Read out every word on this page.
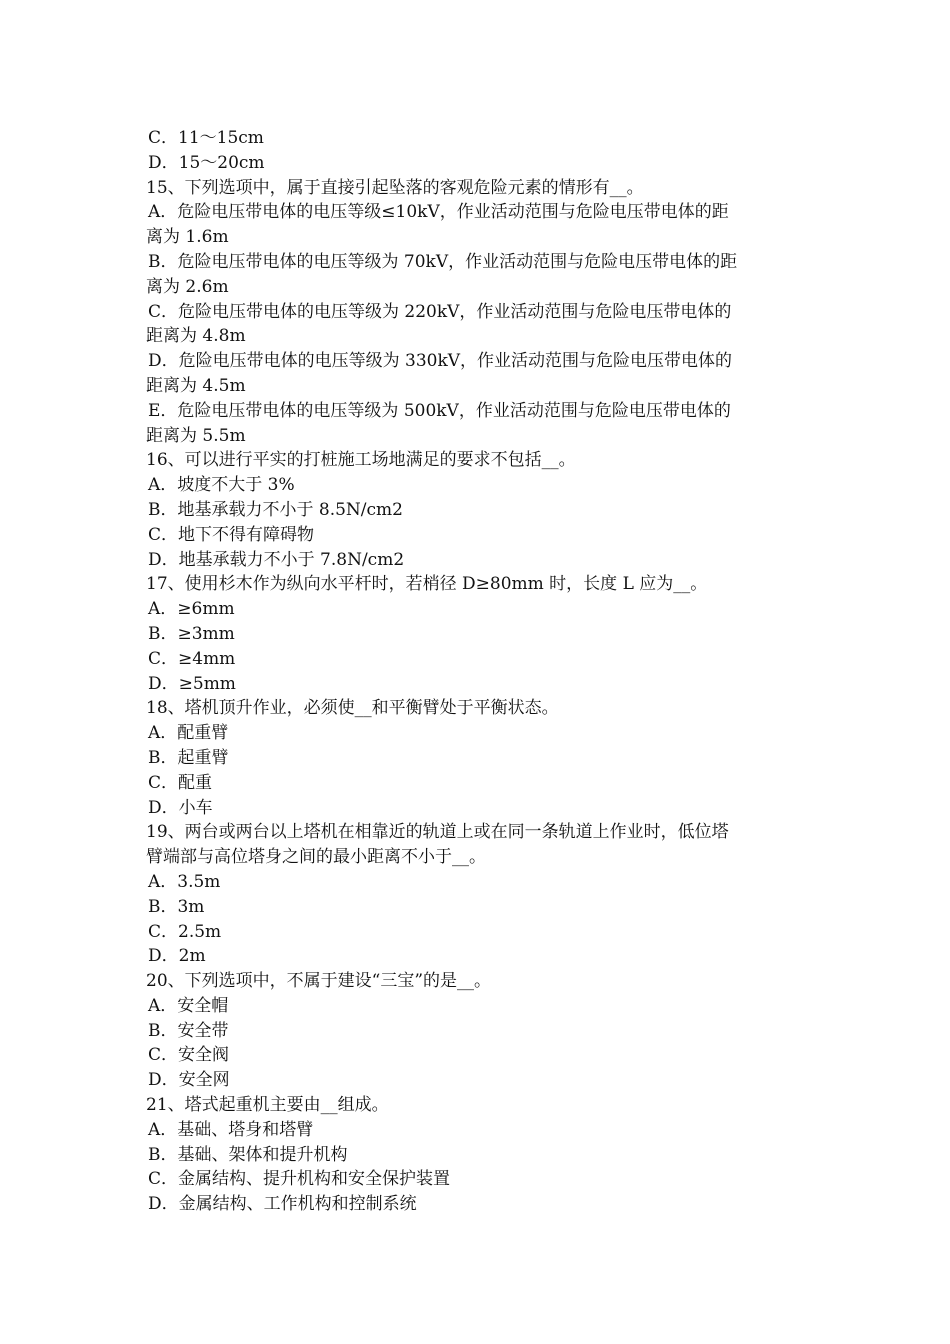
C．11～15cm
D．15～20cm
15、下列选项中，属于直接引起坠落的客观危险元素的情形有__。
A．危险电压带电体的电压等级≤10kV，作业活动范围与危险电压带电体的距
离为 1.6m
B．危险电压带电体的电压等级为 70kV，作业活动范围与危险电压带电体的距
离为 2.6m
C．危险电压带电体的电压等级为 220kV，作业活动范围与危险电压带电体的
距离为 4.8m
D．危险电压带电体的电压等级为 330kV，作业活动范围与危险电压带电体的
距离为 4.5m
E．危险电压带电体的电压等级为 500kV，作业活动范围与危险电压带电体的
距离为 5.5m
16、可以进行平实的打桩施工场地满足的要求不包括__。
A．坡度不大于 3%
B．地基承载力不小于 8.5N/cm2
C．地下不得有障碍物
D．地基承载力不小于 7.8N/cm2
17、使用杉木作为纵向水平杆时，若梢径 D≥80mm 时，长度 L 应为__。
A．≥6mm
B．≥3mm
C．≥4mm
D．≥5mm
18、塔机顶升作业，必须使__和平衡臂处于平衡状态。
A．配重臂
B．起重臂
C．配重
D．小车
19、两台或两台以上塔机在相靠近的轨道上或在同一条轨道上作业时，低位塔
臂端部与高位塔身之间的最小距离不小于__。
A．3.5m
B．3m
C．2.5m
D．2m
20、下列选项中，不属于建设“三宝”的是__。
A．安全帽
B．安全带
C．安全阀
D．安全网
21、塔式起重机主要由__组成。
A．基础、塔身和塔臂
B．基础、架体和提升机构
C．金属结构、提升机构和安全保护装置
D．金属结构、工作机构和控制系统
